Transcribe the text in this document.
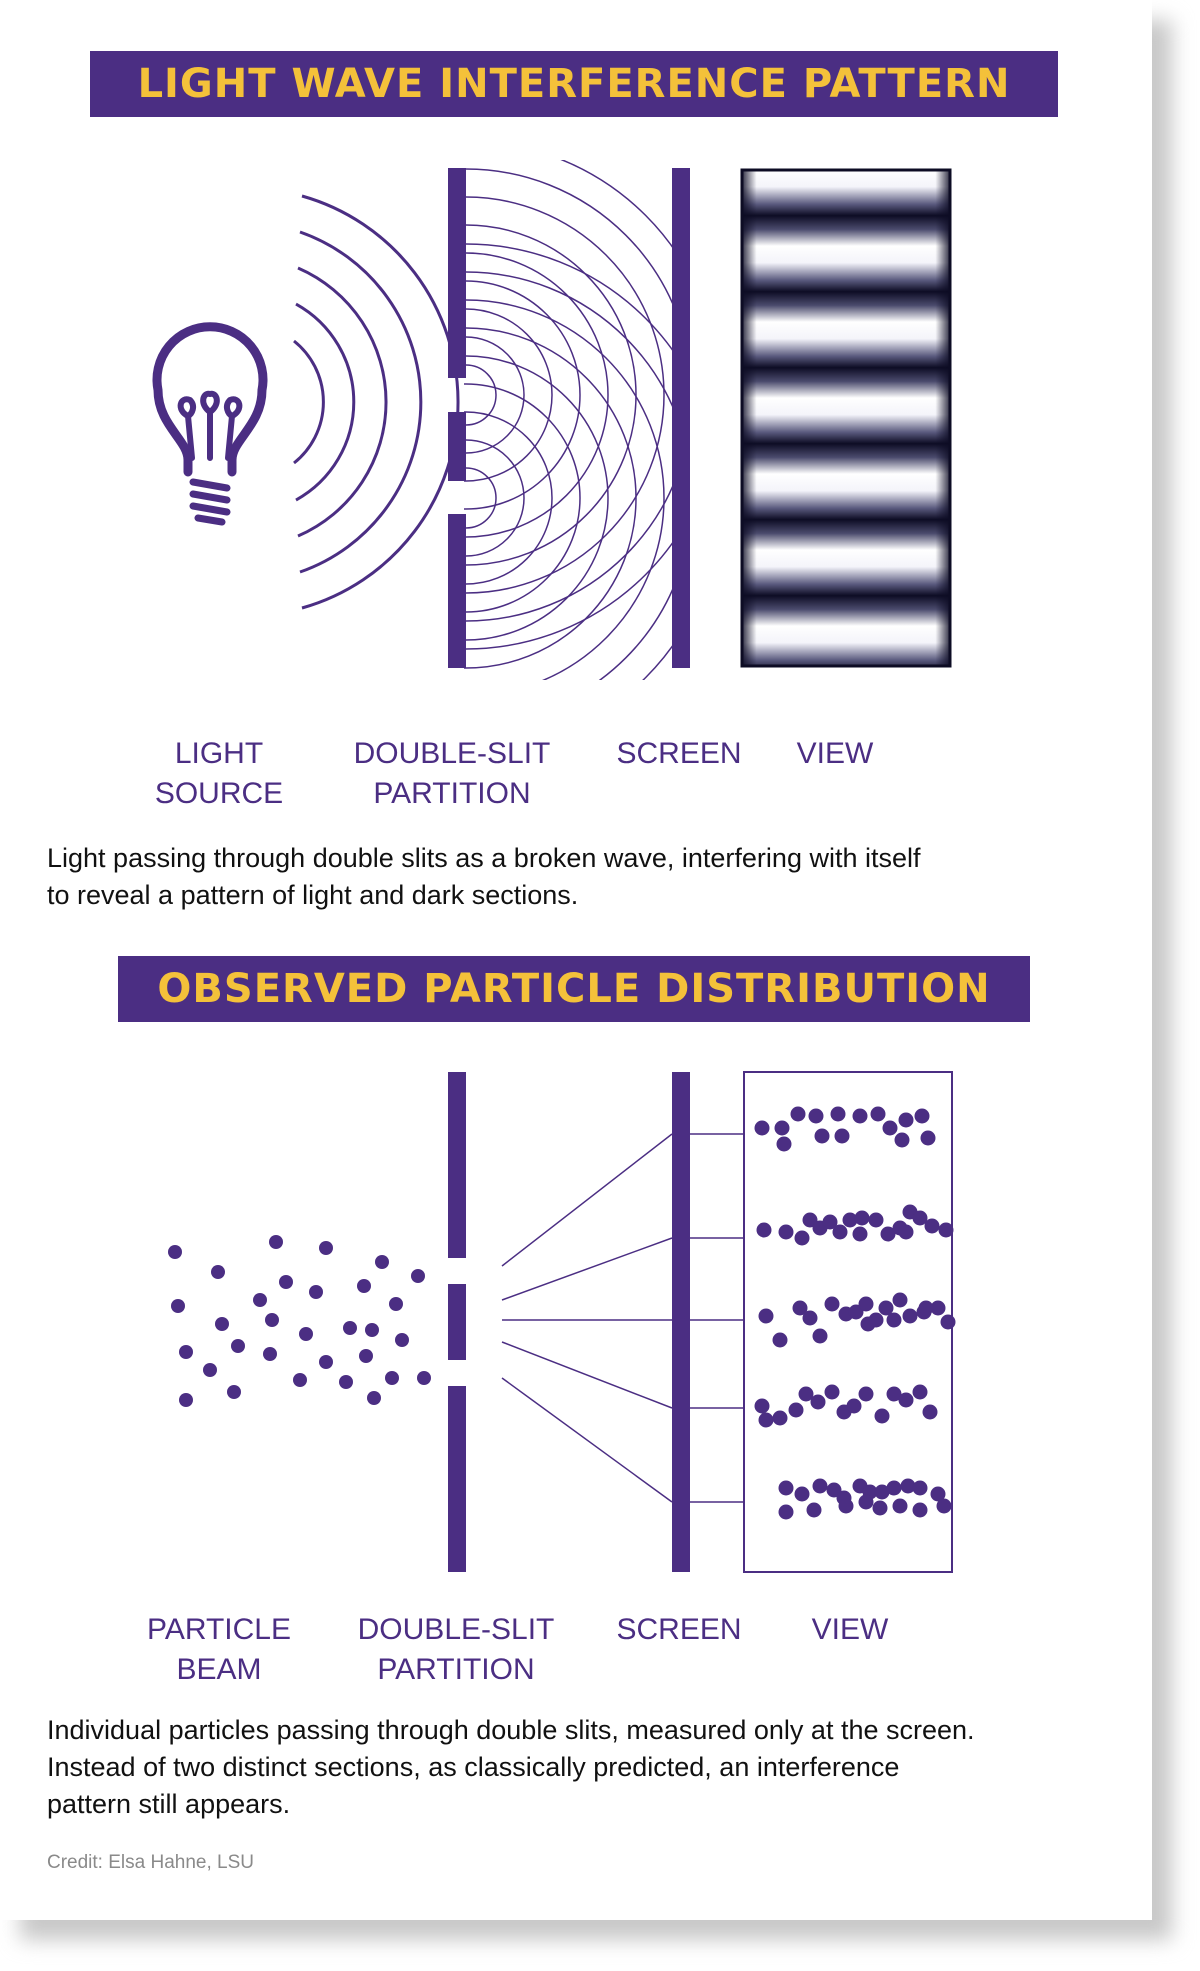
LIGHT WAVE INTERFERENCE PATTERN
LIGHT
SOURCE
DOUBLE-SLIT
PARTITION
SCREEN	VIEW
Light passing through double slits as a broken wave, interfering with itself
to reveal a pattern of light and dark sections.
OBSERVED PARTICLE DISTRIBUTION
PARTICLE
BEAM
DOUBLE-SLIT
PARTITION
SCREEN	VIEW
Individual particles passing through double slits, measured only at the screen.
Instead of two distinct sections, as classically predicted, an interference
pattern still appears.
Credit: Elsa Hahne, LSU
